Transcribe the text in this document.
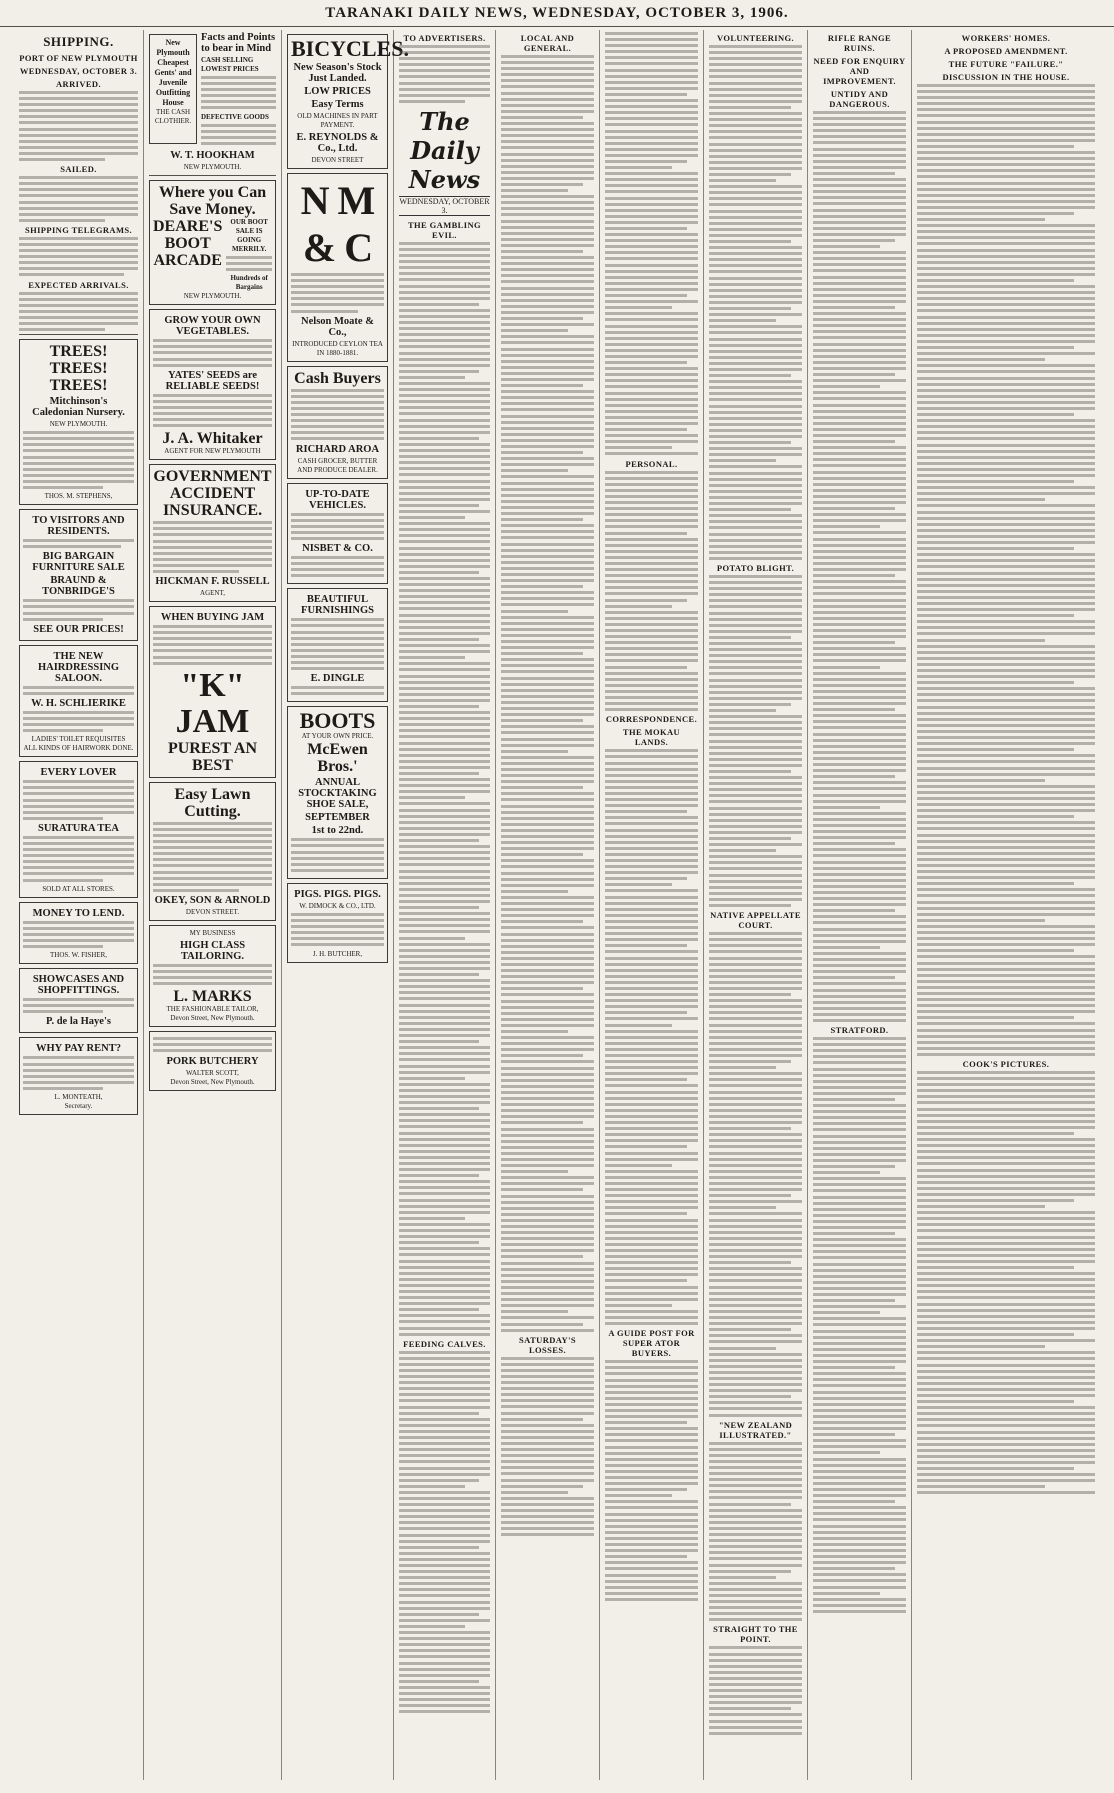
TARANAKI DAILY NEWS, WEDNESDAY, OCTOBER 3, 1906.
SHIPPING.
PORT OF NEW PLYMOUTH
WEDNESDAY, OCTOBER 3.
ARRIVED.
SAILED.
SHIPPING TELEGRAMS.
EXPECTED ARRIVALS.
TREES! TREES!
TREES!
Mitchinson's Caledonian Nursery.
NEW PLYMOUTH.
THOS. M. STEPHENS,
TO VISITORS AND RESIDENTS.
BIG BARGAIN FURNITURE SALE
BRAUND & TONBRIDGE'S
SEE OUR PRICES!
THE NEW HAIRDRESSING SALOON.
W. H. SCHLIERIKE
LADIES' TOILET REQUISITES
ALL KINDS OF HAIRWORK DONE.
EVERY LOVER
SURATURA TEA
SOLD AT ALL STORES.
MONEY TO LEND.
THOS. W. FISHER,
SHOWCASES AND SHOPFITTINGS.
P. de la Haye's
WHY PAY RENT?
L. MONTEATH,
Secretary.
New Plymouth Cheapest Gents' and Juvenile Outfitting House
THE CASH CLOTHIER.
Facts and Points to bear in Mind
CASH SELLING LOWEST PRICES
DEFECTIVE GOODS
W. T. HOOKHAM
NEW PLYMOUTH.
Where you Can Save Money.
DEARE'S BOOT ARCADE
OUR BOOT SALE IS GOING MERRILY.
Hundreds of Bargains
NEW PLYMOUTH.
GROW YOUR OWN VEGETABLES.
YATES' SEEDS are RELIABLE SEEDS!
J. A. Whitaker
AGENT FOR NEW PLYMOUTH
GOVERNMENT ACCIDENT INSURANCE.
HICKMAN F. RUSSELL
AGENT,
WHEN BUYING JAM
"K" JAM
PUREST AN BEST
Easy Lawn Cutting.
OKEY, SON & ARNOLD
DEVON STREET.
MY BUSINESS
HIGH CLASS TAILORING.
L. MARKS
THE FASHIONABLE TAILOR,
Devon Street, New Plymouth.
PORK BUTCHERY
WALTER SCOTT,
Devon Street, New Plymouth.
BICYCLES.
New Season's Stock Just Landed.
LOW PRICES
Easy Terms
OLD MACHINES IN PART PAYMENT.
E. REYNOLDS & Co., Ltd.
DEVON STREET
N M & C
Nelson Moate & Co.,
INTRODUCED CEYLON TEA IN 1880-1881.
Cash Buyers
RICHARD AROA
CASH GROCER, BUTTER AND PRODUCE DEALER.
UP-TO-DATE VEHICLES.
NISBET & CO.
BEAUTIFUL FURNISHINGS
E. DINGLE
BOOTS
AT YOUR OWN PRICE.
McEwen Bros.'
ANNUAL STOCKTAKING SHOE SALE,
SEPTEMBER
1st to 22nd.
PIGS. PIGS. PIGS.
W. DIMOCK & CO., LTD.
J. H. BUTCHER,
TO ADVERTISERS.
The Daily News
WEDNESDAY, OCTOBER 3.
THE GAMBLING EVIL.
FEEDING CALVES.
LOCAL AND GENERAL.
SATURDAY'S LOSSES.
PERSONAL.
CORRESPONDENCE.
THE MOKAU LANDS.
A GUIDE POST FOR SUPER ATOR BUYERS.
VOLUNTEERING.
POTATO BLIGHT.
NATIVE APPELLATE COURT.
"NEW ZEALAND ILLUSTRATED."
STRAIGHT TO THE POINT.
RIFLE RANGE RUINS.
NEED FOR ENQUIRY AND IMPROVEMENT.
UNTIDY AND DANGEROUS.
STRATFORD.
WORKERS' HOMES.
A PROPOSED AMENDMENT.
THE FUTURE "FAILURE."
DISCUSSION IN THE HOUSE.
COOK'S PICTURES.
